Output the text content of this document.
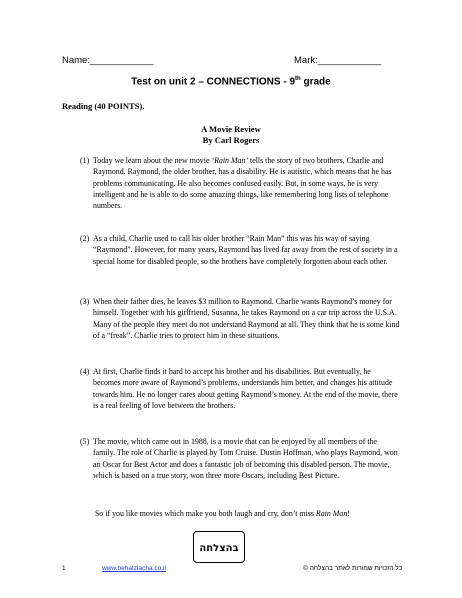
Name:____________	Mark:____________
Test on unit 2 – CONNECTIONS - 9th grade
Reading (40 POINTS).
A Movie Review
By Carl Rogers
(1) Today we learn about the new movie ‘Rain Man’ tells the story of two brothers, Charlie and Raymond. Raymond, the older brother, has a disability. He is autistic, which means that he has problems communicating. He also becomes confused easily. But, in some ways, he is very intelligent and he is able to do some amazing things, like remembering long lists of telephone numbers.
(2) As a child, Charlie used to call his older brother “Rain Man” this was his way of saying “Raymond”. However, for many years, Raymond has lived far away from the rest of society in a special home for disabled people, so the brothers have completely forgotten about each other.
(3) When their father dies, he leaves $3 million to Raymond. Charlie wants Raymond’s money for himself. Together with his girlfriend, Susanna, he takes Raymond on a car trip across the U.S.A. Many of the people they meet do not understand Raymond at all. They think that he is some kind of a “freak”. Charlie tries to protect him in these situations.
(4) At first, Charlie finds it hard to accept his brother and his disabilities. But eventually, he becomes more aware of Raymond’s problems, understands him better, and changes his attitude towards him. He no longer cares about getting Raymond’s money. At the end of the movie, there is a real feeling of love between the brothers.
(5) The movie, which came out in 1988, is a movie that can be enjoyed by all members of the family. The role of Charlie is played by Tom Cruise. Dustin Hoffman, who plays Raymond, won an Oscar for Best Actor and does a fantastic job of becoming this disabled person. The movie, which is based on a true story, won three more Oscars, including Best Picture.
So if you like movies which make you both laugh and cry, don’t miss Rain Man!
בהצלחה
1	www.behatzlacha.co.il	כל הזכויות שמורות לאתר בהצלחה ©
